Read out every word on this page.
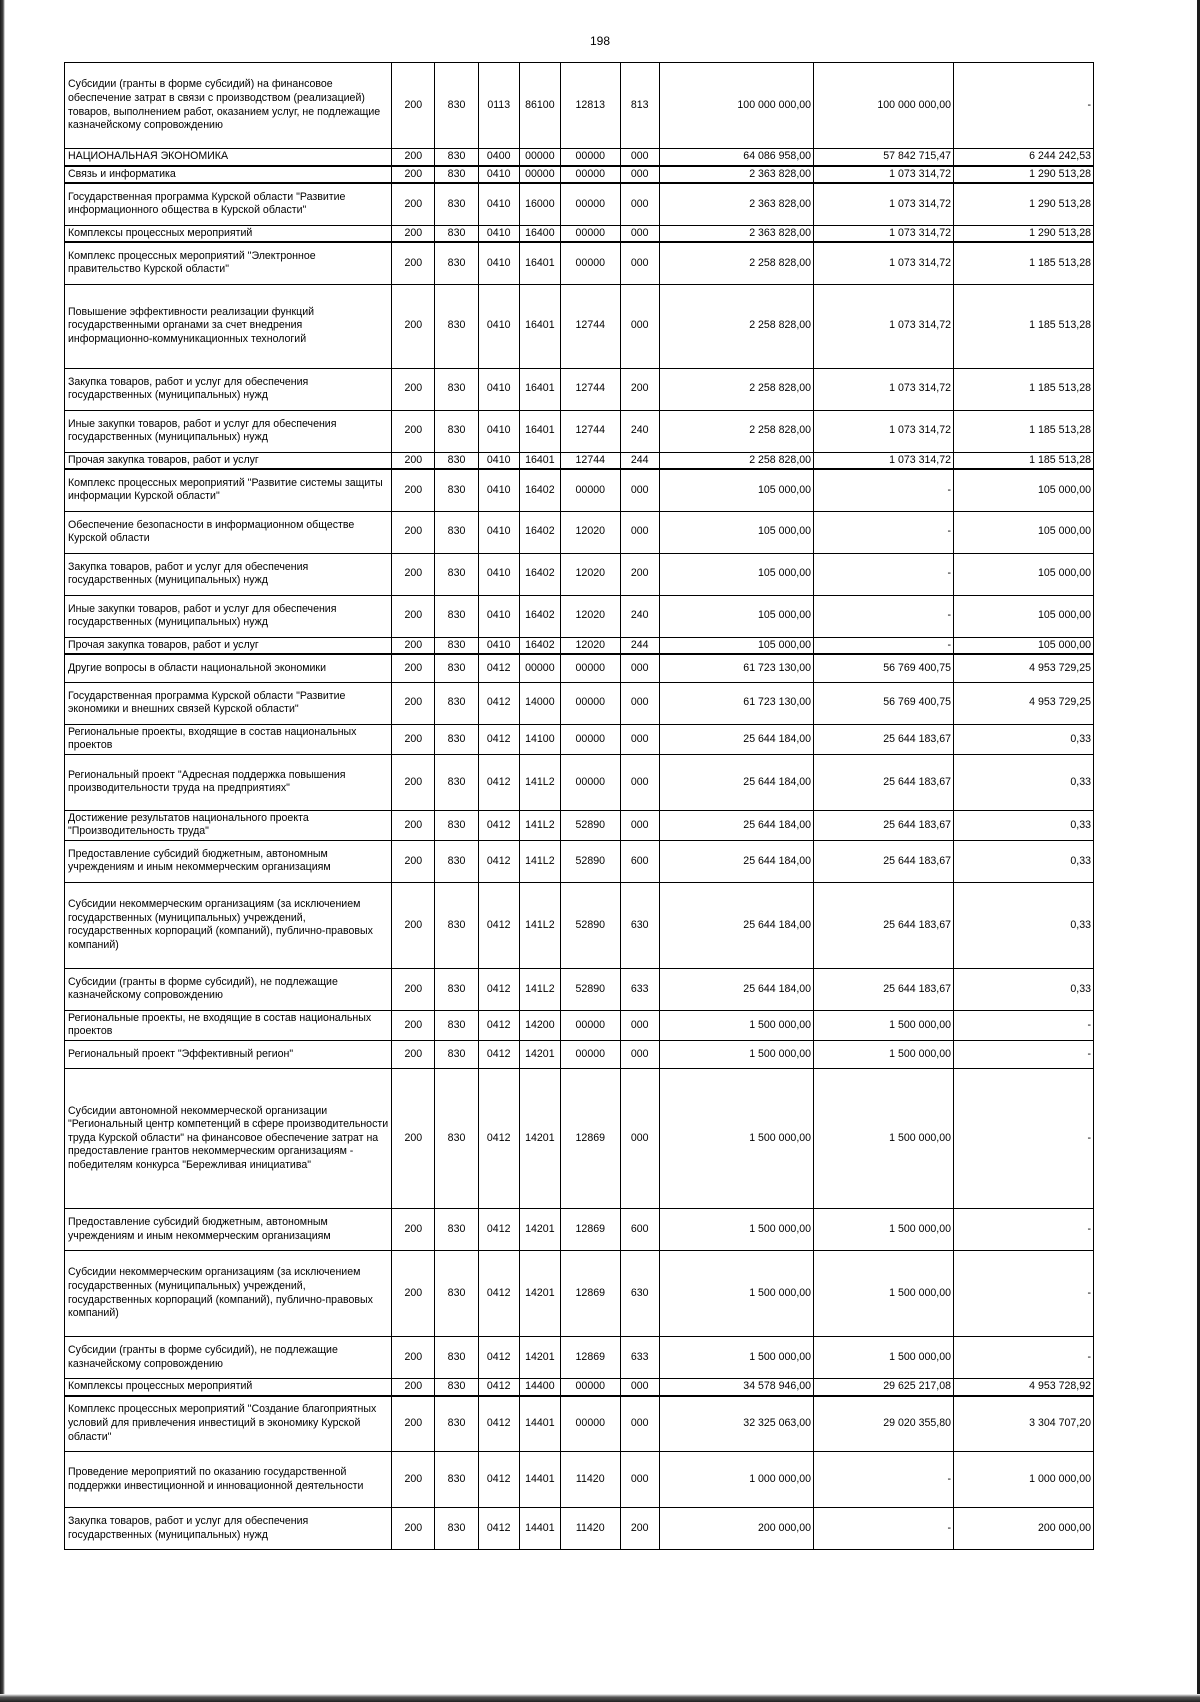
198
Субсидии (гранты в форме субсидий) на финансовое обеспечение затрат в связи с производством (реализацией) товаров, выполнением работ, оказанием услуг, не подлежащие казначейскому сопровождению	200	830	0113	86100	12813	813	100 000 000,00	100 000 000,00	-
НАЦИОНАЛЬНАЯ ЭКОНОМИКА	200	830	0400	00000	00000	000	64 086 958,00	57 842 715,47	6 244 242,53
Связь и информатика	200	830	0410	00000	00000	000	2 363 828,00	1 073 314,72	1 290 513,28
Государственная программа Курской области "Развитие информационного общества в Курской области"	200	830	0410	16000	00000	000	2 363 828,00	1 073 314,72	1 290 513,28
Комплексы процессных мероприятий	200	830	0410	16400	00000	000	2 363 828,00	1 073 314,72	1 290 513,28
Комплекс процессных мероприятий "Электронное правительство Курской области"	200	830	0410	16401	00000	000	2 258 828,00	1 073 314,72	1 185 513,28
Повышение эффективности реализации функций государственными органами за счет внедрения информационно-коммуникационных технологий	200	830	0410	16401	12744	000	2 258 828,00	1 073 314,72	1 185 513,28
Закупка товаров, работ и услуг для обеспечения государственных (муниципальных) нужд	200	830	0410	16401	12744	200	2 258 828,00	1 073 314,72	1 185 513,28
Иные закупки товаров, работ и услуг для обеспечения государственных (муниципальных) нужд	200	830	0410	16401	12744	240	2 258 828,00	1 073 314,72	1 185 513,28
Прочая закупка товаров, работ и услуг	200	830	0410	16401	12744	244	2 258 828,00	1 073 314,72	1 185 513,28
Комплекс процессных мероприятий "Развитие системы защиты информации Курской области"	200	830	0410	16402	00000	000	105 000,00	-	105 000,00
Обеспечение безопасности в информационном обществе Курской области	200	830	0410	16402	12020	000	105 000,00	-	105 000,00
Закупка товаров, работ и услуг для обеспечения государственных (муниципальных) нужд	200	830	0410	16402	12020	200	105 000,00	-	105 000,00
Иные закупки товаров, работ и услуг для обеспечения государственных (муниципальных) нужд	200	830	0410	16402	12020	240	105 000,00	-	105 000,00
Прочая закупка товаров, работ и услуг	200	830	0410	16402	12020	244	105 000,00	-	105 000,00
Другие вопросы в области национальной экономики	200	830	0412	00000	00000	000	61 723 130,00	56 769 400,75	4 953 729,25
Государственная программа Курской области "Развитие экономики и внешних связей Курской области"	200	830	0412	14000	00000	000	61 723 130,00	56 769 400,75	4 953 729,25
Региональные проекты, входящие в состав национальных проектов	200	830	0412	14100	00000	000	25 644 184,00	25 644 183,67	0,33
Региональный проект "Адресная поддержка повышения производительности труда на предприятиях"	200	830	0412	141L2	00000	000	25 644 184,00	25 644 183,67	0,33
Достижение результатов национального проекта "Производительность труда"	200	830	0412	141L2	52890	000	25 644 184,00	25 644 183,67	0,33
Предоставление субсидий бюджетным, автономным учреждениям и иным некоммерческим организациям	200	830	0412	141L2	52890	600	25 644 184,00	25 644 183,67	0,33
Субсидии некоммерческим организациям (за исключением государственных (муниципальных) учреждений, государственных корпораций (компаний), публично-правовых компаний)	200	830	0412	141L2	52890	630	25 644 184,00	25 644 183,67	0,33
Субсидии (гранты в форме субсидий), не подлежащие казначейскому сопровождению	200	830	0412	141L2	52890	633	25 644 184,00	25 644 183,67	0,33
Региональные проекты, не входящие в состав национальных проектов	200	830	0412	14200	00000	000	1 500 000,00	1 500 000,00	-
Региональный проект "Эффективный регион"	200	830	0412	14201	00000	000	1 500 000,00	1 500 000,00	-
Субсидии автономной некоммерческой организации "Региональный центр компетенций в сфере производительности труда Курской области" на финансовое обеспечение затрат на предоставление грантов некоммерческим организациям - победителям конкурса "Бережливая инициатива"	200	830	0412	14201	12869	000	1 500 000,00	1 500 000,00	-
Предоставление субсидий бюджетным, автономным учреждениям и иным некоммерческим организациям	200	830	0412	14201	12869	600	1 500 000,00	1 500 000,00	-
Субсидии некоммерческим организациям (за исключением государственных (муниципальных) учреждений, государственных корпораций (компаний), публично-правовых компаний)	200	830	0412	14201	12869	630	1 500 000,00	1 500 000,00	-
Субсидии (гранты в форме субсидий), не подлежащие казначейскому сопровождению	200	830	0412	14201	12869	633	1 500 000,00	1 500 000,00	-
Комплексы процессных мероприятий	200	830	0412	14400	00000	000	34 578 946,00	29 625 217,08	4 953 728,92
Комплекс процессных мероприятий "Создание благоприятных условий для привлечения инвестиций в экономику Курской области"	200	830	0412	14401	00000	000	32 325 063,00	29 020 355,80	3 304 707,20
Проведение мероприятий по оказанию государственной поддержки инвестиционной и инновационной деятельности	200	830	0412	14401	11420	000	1 000 000,00	-	1 000 000,00
Закупка товаров, работ и услуг для обеспечения государственных (муниципальных) нужд	200	830	0412	14401	11420	200	200 000,00	-	200 000,00
